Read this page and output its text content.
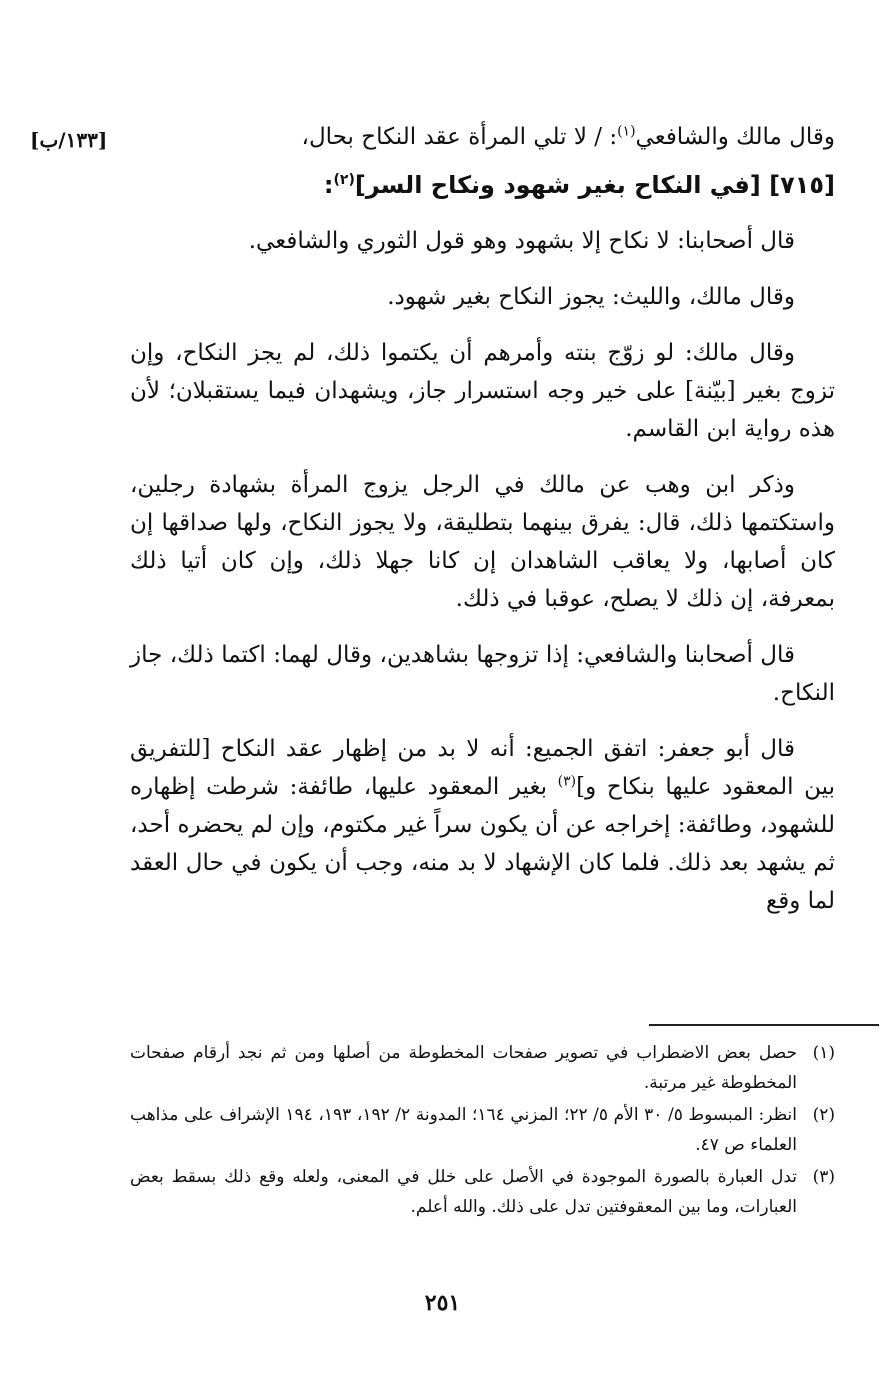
[١٣٣/ب]	وقال مالك والشافعي$^{(١)}$: / لا تلي المرأة عقد النكاح بحال،

[٧١٥] [في النكاح بغير شهود ونكاح السر]$^{(٢)}$:

قال أصحابنا: لا نكاح إلا بشهود وهو قول الثوري والشافعي.

وقال مالك، والليث: يجوز النكاح بغير شهود.

وقال مالك: لو زوّج بنته وأمرهم أن يكتموا ذلك، لم يجز النكاح، وإن تزوج بغير [بيّنة] على خير وجه استسرار جاز، ويشهدان فيما يستقبلان؛ لأن هذه رواية ابن القاسم.

وذكر ابن وهب عن مالك في الرجل يزوج المرأة بشهادة رجلين، واستكتمها ذلك، قال: يفرق بينهما بتطليقة، ولا يجوز النكاح، ولها صداقها إن كان أصابها، ولا يعاقب الشاهدان إن كانا جهلا ذلك، وإن كان أتيا ذلك بمعرفة، إن ذلك لا يصلح، عوقبا في ذلك.

قال أصحابنا والشافعي: إذا تزوجها بشاهدين، وقال لهما: اكتما ذلك، جاز النكاح.

قال أبو جعفر: اتفق الجميع: أنه لا بد من إظهار عقد النكاح [للتفريق بين المعقود عليها بنكاح و]$^{(٣)}$ بغير المعقود عليها، طائفة: شرطت إظهاره للشهود، وطائفة: إخراجه عن أن يكون سراً غير مكتوم، وإن لم يحضره أحد، ثم يشهد بعد ذلك. فلما كان الإشهاد لا بد منه، وجب أن يكون في حال العقد لما وقع

(١)
حصل بعض الاضطراب في تصوير صفحات المخطوطة من أصلها ومن ثم نجد أرقام صفحات المخطوطة غير مرتبة.
(٢)
انظر: المبسوط ٥/ ٣٠ الأم ٥/ ٢٢؛ المزني ١٦٤؛ المدونة ٢/ ١٩٢، ١٩٣، ١٩٤ الإشراف على مذاهب العلماء ص ٤٧.
(٣)
تدل العبارة بالصورة الموجودة في الأصل على خلل في المعنى، ولعله وقع ذلك بسقط بعض العبارات، وما بين المعقوفتين تدل على ذلك. والله أعلم.
٢٥١
